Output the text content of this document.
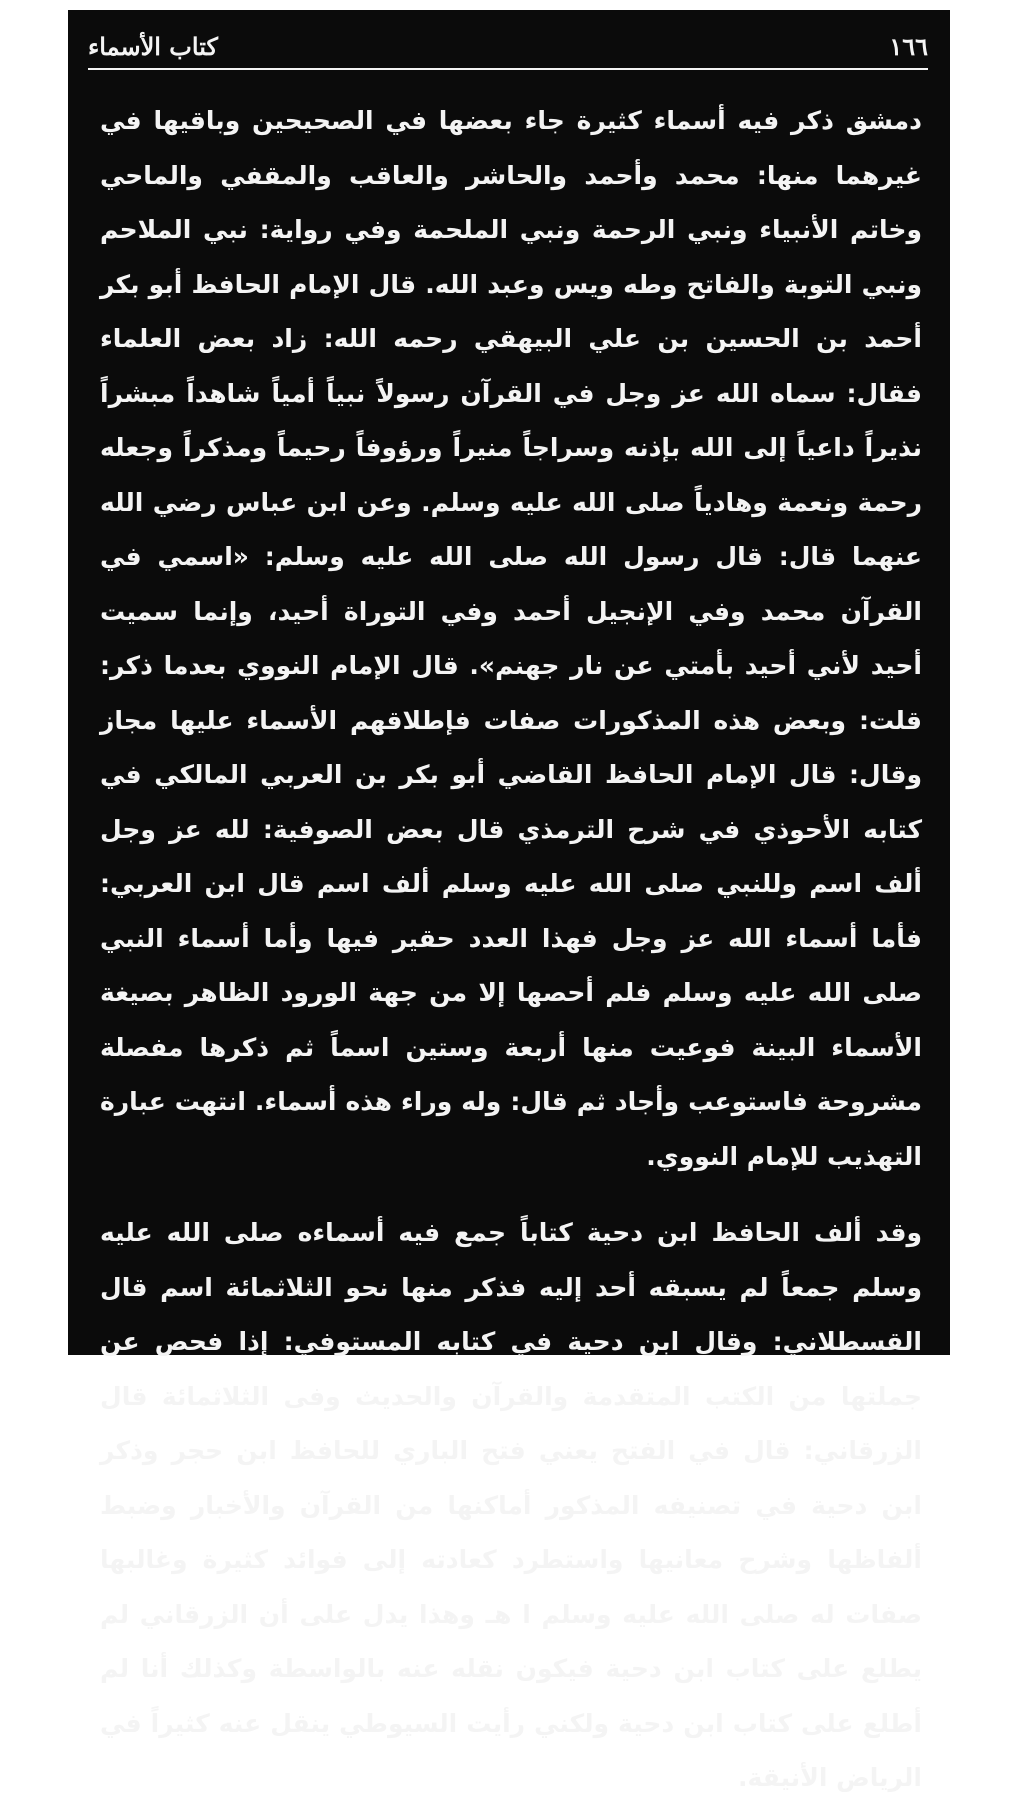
١٦٦
كتاب الأسماء

دمشق ذكر فيه أسماء كثيرة جاء بعضها في الصحيحين وباقيها في غيرهما منها: محمد وأحمد والحاشر والعاقب والمقفي والماحي وخاتم الأنبياء ونبي الرحمة ونبي الملحمة وفي رواية: نبي الملاحم ونبي التوبة والفاتح وطه ويس وعبد الله. قال الإمام الحافظ أبو بكر أحمد بن الحسين بن علي البيهقي رحمه الله: زاد بعض العلماء فقال: سماه الله عز وجل في القرآن رسولاً نبياً أمياً شاهداً مبشراً نذيراً داعياً إلى الله بإذنه وسراجاً منيراً ورؤوفاً رحيماً ومذكراً وجعله رحمة ونعمة وهادياً صلى الله عليه وسلم. وعن ابن عباس رضي الله عنهما قال: قال رسول الله صلى الله عليه وسلم: «اسمي في القرآن محمد وفي الإنجيل أحمد وفي التوراة أحيد، وإنما سميت أحيد لأني أحيد بأمتي عن نار جهنم». قال الإمام النووي بعدما ذكر: قلت: وبعض هذه المذكورات صفات فإطلاقهم الأسماء عليها مجاز وقال: قال الإمام الحافظ القاضي أبو بكر بن العربي المالكي في كتابه الأحوذي في شرح الترمذي قال بعض الصوفية: لله عز وجل ألف اسم وللنبي صلى الله عليه وسلم ألف اسم قال ابن العربي: فأما أسماء الله عز وجل فهذا العدد حقير فيها وأما أسماء النبي صلى الله عليه وسلم فلم أحصها إلا من جهة الورود الظاهر بصيغة الأسماء البينة فوعيت منها أربعة وستين اسماً ثم ذكرها مفصلة مشروحة فاستوعب وأجاد ثم قال: وله وراء هذه أسماء. انتهت عبارة التهذيب للإمام النووي.

وقد ألف الحافظ ابن دحية كتاباً جمع فيه أسماءه صلى الله عليه وسلم جمعاً لم يسبقه أحد إليه فذكر منها نحو الثلاثمائة اسم قال القسطلاني: وقال ابن دحية في كتابه المستوفي: إذا فحص عن جملتها من الكتب المتقدمة والقرآن والحديث وفى الثلاثمائة قال الزرقاني: قال في الفتح يعني فتح الباري للحافظ ابن حجر وذكر ابن دحية في تصنيفه المذكور أماكنها من القرآن والأخبار وضبط ألفاظها وشرح معانيها واستطرد كعادته إلى فوائد كثيرة وغالبها صفات له صلى الله عليه وسلم ا هـ وهذا يدل على أن الزرقاني لم يطلع على كتاب ابن دحية فيكون نقله عنه بالواسطة وكذلك أنا لم أطلع على كتاب ابن دحية ولكني رأيت السيوطي ينقل عنه كثيراً في الرياض الأنيقة.
